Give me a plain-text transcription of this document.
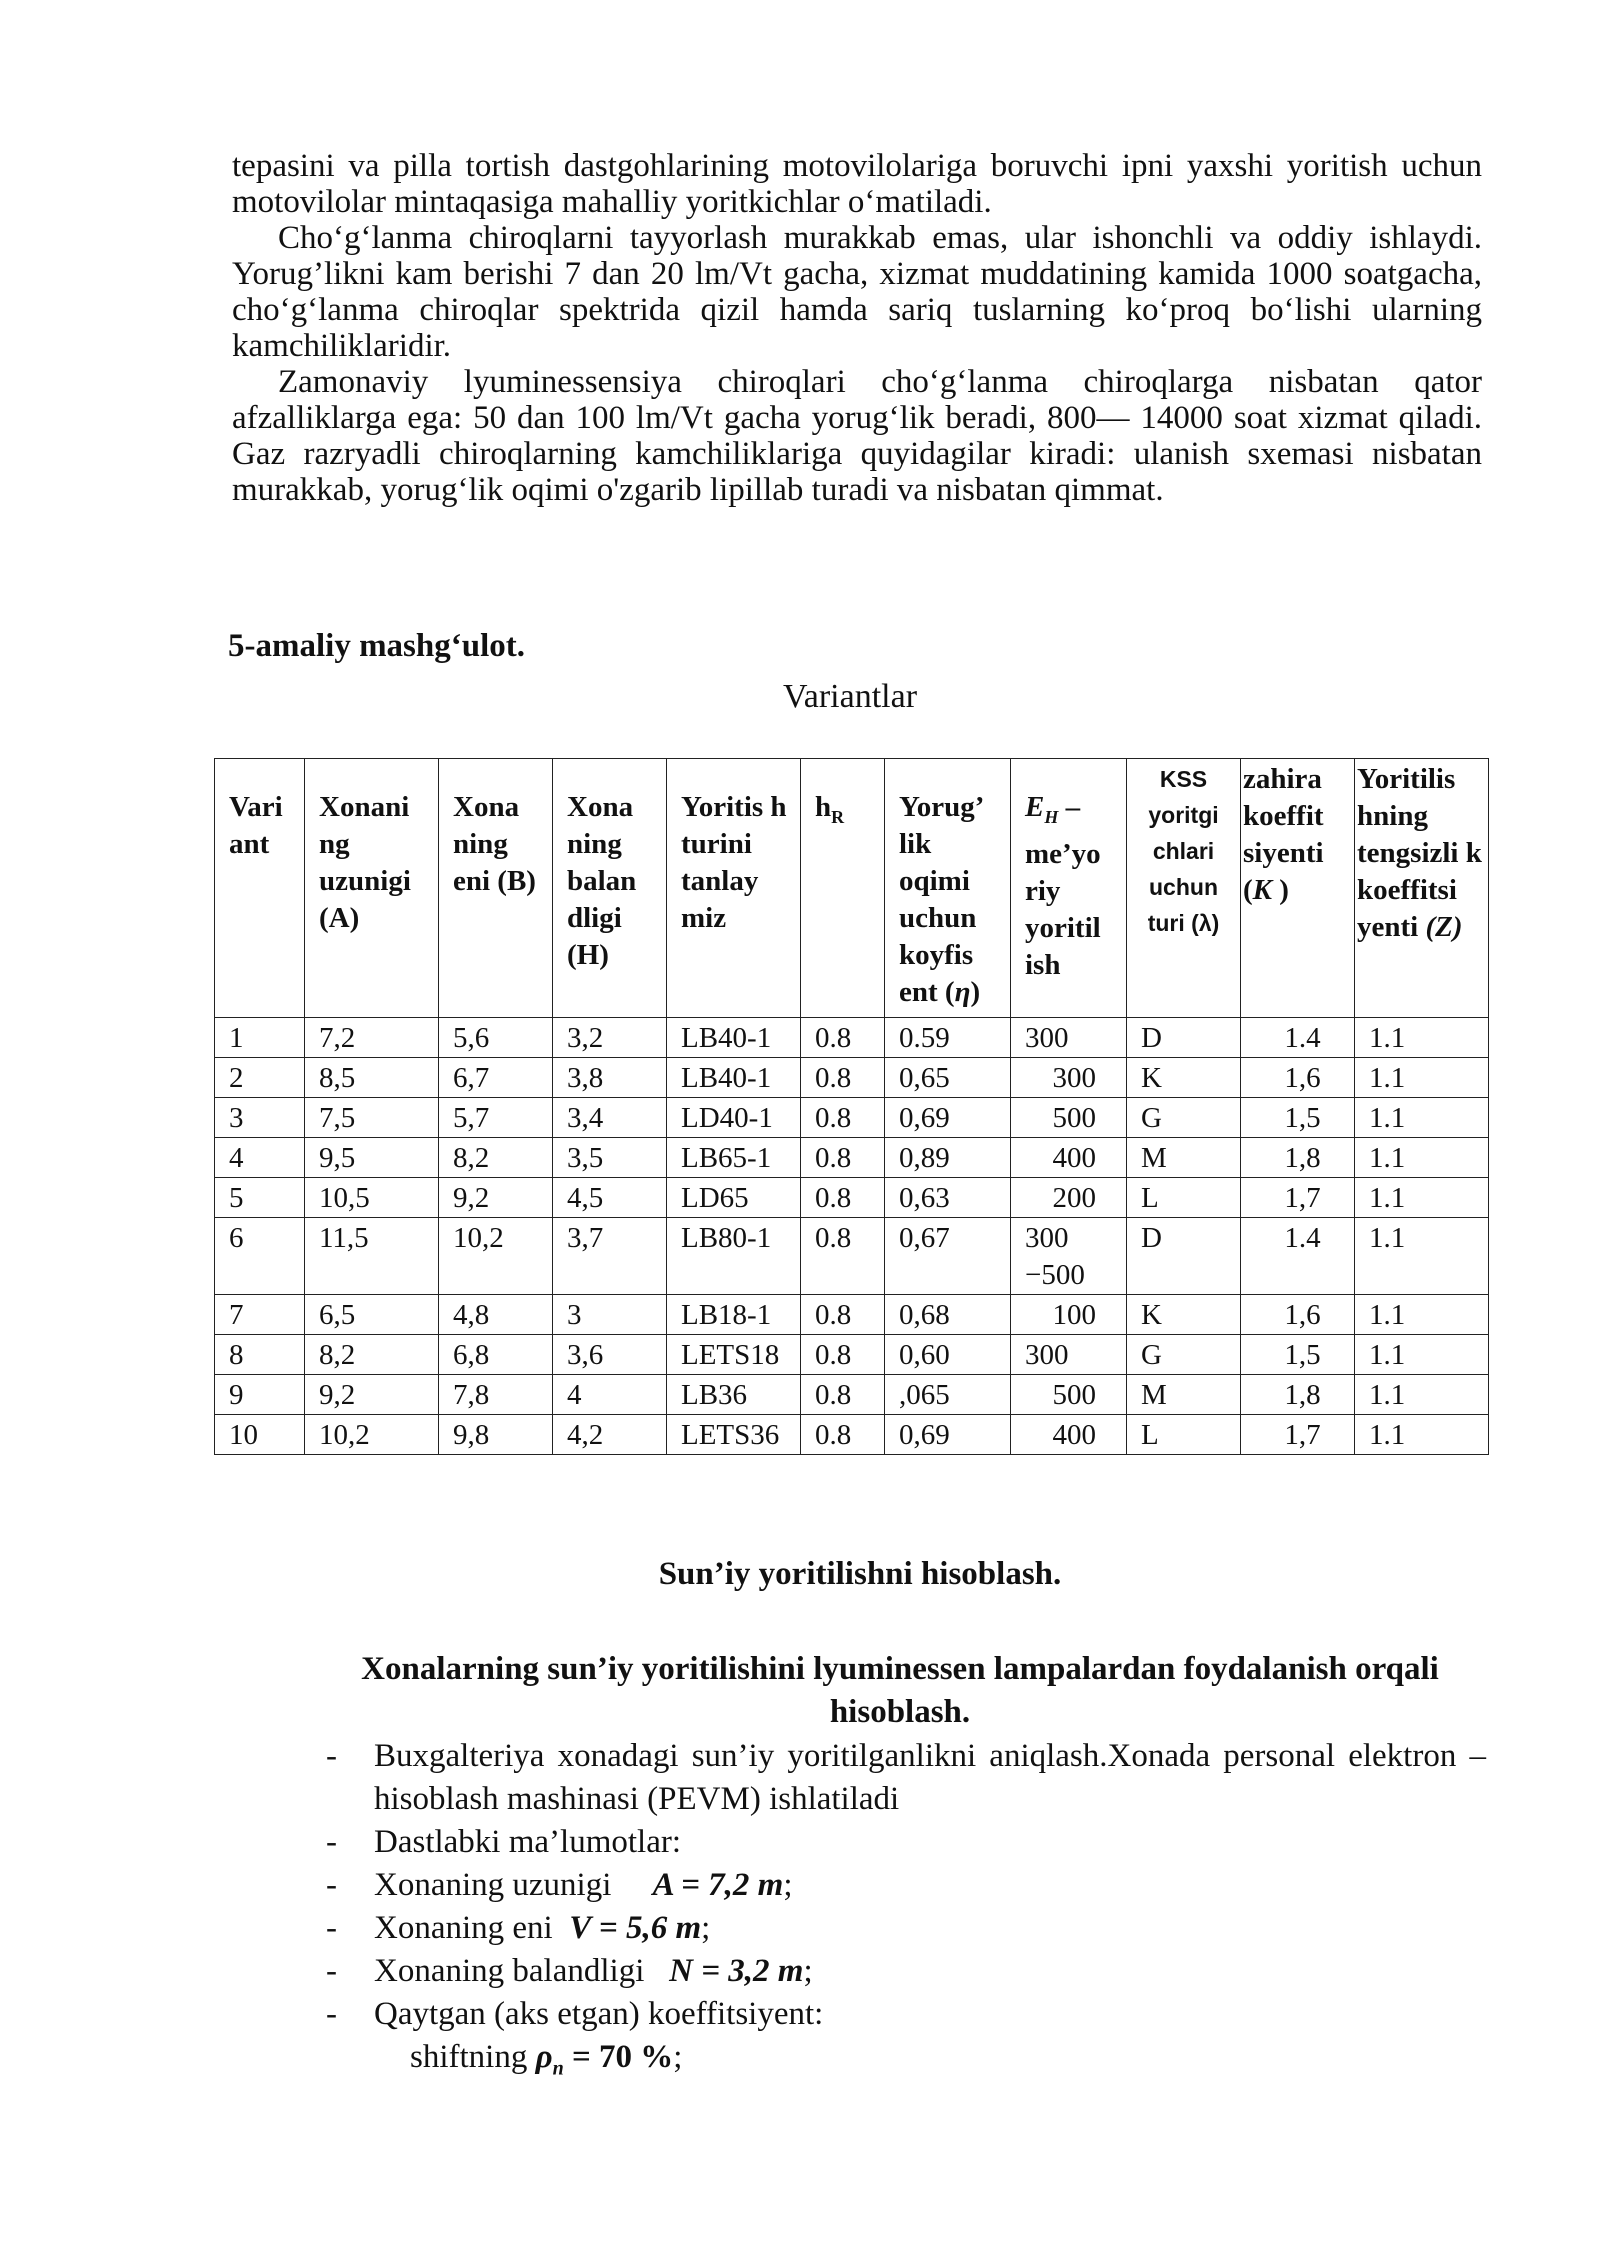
tepasini va pilla tortish dastgohlarining motovilolariga boruvchi ipni yaxshi yoritish uchun motovilolar mintaqasiga mahalliy yoritkichlar o‘matiladi.

Cho‘g‘lanma chiroqlarni tayyorlash murakkab emas, ular ishonchli va oddiy ishlaydi. Yorug’likni kam berishi 7 dan 20 lm/Vt gacha, xizmat muddatining kamida 1000 soatgacha, cho‘g‘lanma chiroqlar spektrida qizil hamda sariq tuslarning ko‘proq bo‘lishi ularning kamchiliklaridir.

Zamonaviy lyuminessensiya chiroqlari cho‘g‘lanma chiroqlarga nisbatan qator afzalliklarga ega: 50 dan 100 lm/Vt gacha yorug‘lik beradi, 800— 14000 soat xizmat qiladi. Gaz razryadli chiroqlarning kamchiliklariga quyidagilar kiradi: ulanish sxemasi nisbatan murakkab, yorug‘lik oqimi o'zgarib lipillab turadi va nisbatan qimmat.

5-amaliy mashg‘ulot.

Variantlar

Vari ant	Xonani ng uzunigi (A)	Xona ning eni (B)	Xona ning balan dligi (H)	Yoritis h turini tanlay miz	$h_R$	Yorug’ lik oqimi uchun koyfis ent (η)	$E_H$ – me’yo riy yoritil ish	KSS yoritgi chlari uchun turi (λ)	zahira koeffit siyenti (K )	Yoritilis hning tengsizli k koeffitsi yenti (Z)
1	7,2	5,6	3,2	LB40-1	0.8	0.59	300	D	1.4	1.1
2	8,5	6,7	3,8	LB40-1	0.8	0,65	300	K	1,6	1.1
3	7,5	5,7	3,4	LD40-1	0.8	0,69	500	G	1,5	1.1
4	9,5	8,2	3,5	LB65-1	0.8	0,89	400	M	1,8	1.1
5	10,5	9,2	4,5	LD65	0.8	0,63	200	L	1,7	1.1
6	11,5	10,2	3,7	LB80-1	0.8	0,67	300 −500	D	1.4	1.1
7	6,5	4,8	3	LB18-1	0.8	0,68	100	K	1,6	1.1
8	8,2	6,8	3,6	LETS18	0.8	0,60	300	G	1,5	1.1
9	9,2	7,8	4	LB36	0.8	,065	500	M	1,8	1.1
10	10,2	9,8	4,2	LETS36	0.8	0,69	400	L	1,7	1.1

Sun’iy yoritilishni hisoblash.

Xonalarning sun’iy yoritilishini lyuminessen lampalardan foydalanish orqali hisoblash.

- Buxgalteriya xonadagi sun’iy yoritilganlikni aniqlash.Xonada personal elektron –hisoblash mashinasi (PEVM) ishlatiladi
- Dastlabki ma’lumotlar:
- Xonaning uzunigi A = 7,2 m;
- Xonaning eni V = 5,6 m;
- Xonaning balandligi N = 3,2 m;
- Qaytgan (aks etgan) koeffitsiyent:
shiftning $\rho_n = 70$ %;
